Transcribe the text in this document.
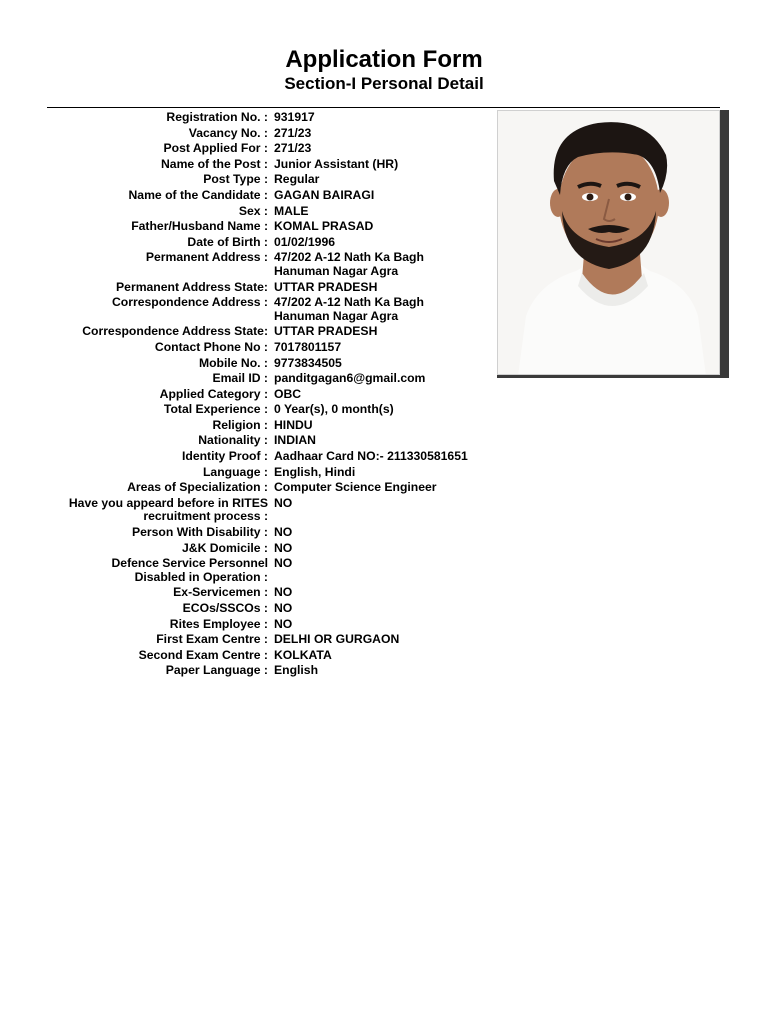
Application Form
Section-I Personal Detail
Registration No. : 931917
Vacancy No. : 271/23
Post Applied For : 271/23
Name of the Post : Junior Assistant (HR)
Post Type : Regular
Name of the Candidate : GAGAN BAIRAGI
Sex : MALE
Father/Husband Name : KOMAL PRASAD
Date of Birth : 01/02/1996
Permanent Address : 47/202 A-12 Nath Ka Bagh
Hanuman Nagar Agra
Permanent Address State: UTTAR PRADESH
Correspondence Address : 47/202 A-12 Nath Ka Bagh
Hanuman Nagar Agra
Correspondence Address State: UTTAR PRADESH
Contact Phone No : 7017801157
Mobile No. : 9773834505
Email ID : panditgagan6@gmail.com
Applied Category : OBC
Total Experience : 0 Year(s), 0 month(s)
Religion : HINDU
Nationality : INDIAN
Identity Proof : Aadhaar Card NO:- 211330581651
Language : English, Hindi
Areas of Specialization : Computer Science Engineer
Have you appeard before in RITES
recruitment process :
NO
Person With Disability : NO
J&K Domicile : NO
Defence Service Personnel
Disabled in Operation :
NO
Ex-Servicemen : NO
ECOs/SSCOs : NO
Rites Employee : NO
First Exam Centre : DELHI OR GURGAON
Second Exam Centre : KOLKATA
Paper Language : English
